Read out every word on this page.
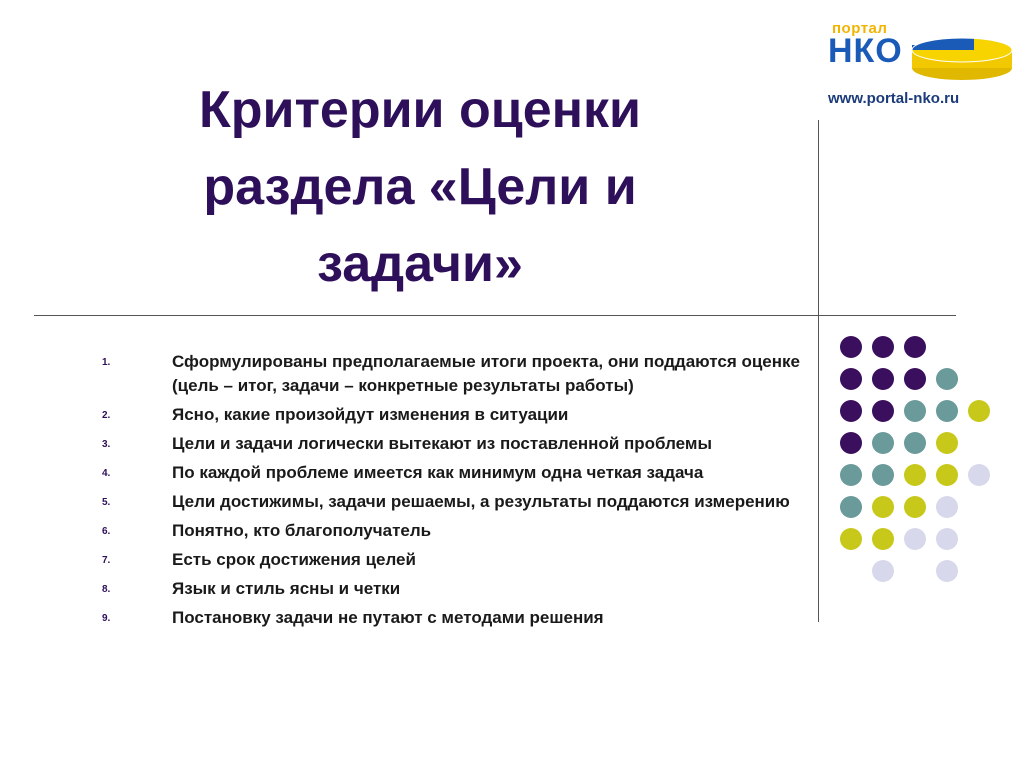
Критерии оценки раздела «Цели и задачи»
портал
НКО
www.portal-nko.ru
1.	Сформулированы предполагаемые итоги проекта, они поддаются оценке (цель – итог, задачи – конкретные результаты работы)
2.	Ясно, какие произойдут изменения в ситуации
3.	Цели и задачи логически вытекают из поставленной проблемы
4.	По каждой проблеме имеется как минимум одна четкая задача
5.	Цели достижимы, задачи решаемы, а результаты поддаются измерению
6.	Понятно, кто благополучатель
7.	Есть срок достижения целей
8.	Язык и стиль ясны и четки
9.	Постановку задачи не путают с методами решения
